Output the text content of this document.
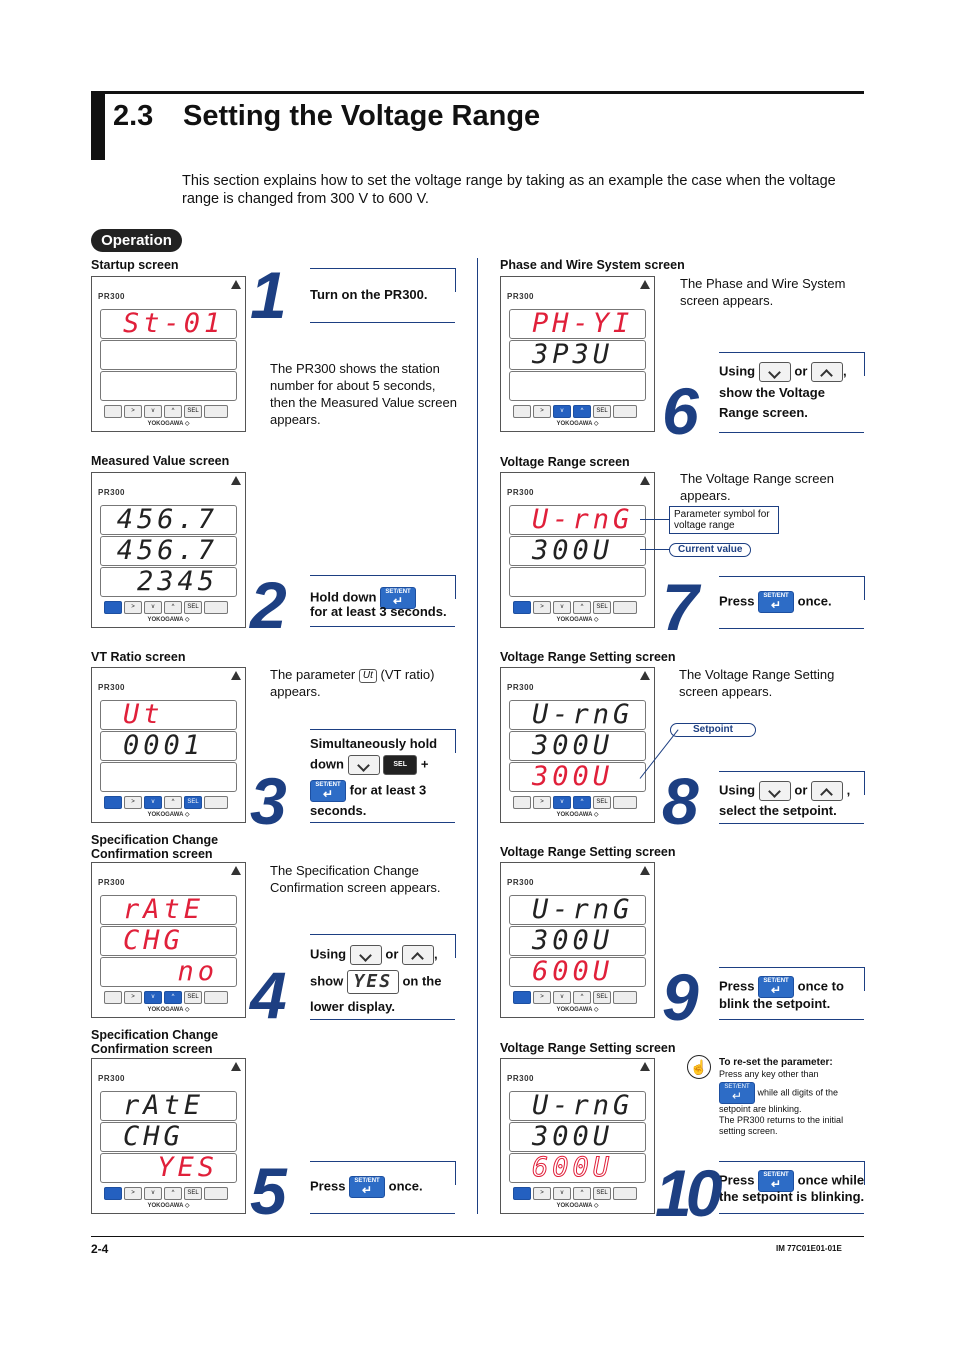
2.3 Setting the Voltage Range
This section explains how to set the voltage range by taking as an example the case when the voltage range is changed from 300 V to 600 V.
Operation
Startup screen
PR300
St-01
>	v	^	SEL
YOKOGAWA ◇
Turn on the PR300.
1
The PR300 shows the station number for about 5 seconds, then the Measured Value screen appears.
Measured Value screen
PR300
456.7
456.7
2345
>	v	^	SEL
YOKOGAWA ◇
Hold down	SET/ENT
↵
for at least 3 seconds.
2
VT Ratio screen
PR300
Ut
0001
>	v	^	SEL
YOKOGAWA ◇
The parameter Ut (VT ratio) appears.
Simultaneously hold
down	SEL +
SET/ENT
↵ for at least 3
seconds.
3
Specification Change Confirmation screen
PR300
rAtE
CHG
no
>	v	^	SEL
YOKOGAWA ◇
The Specification Change Confirmation screen appears.
Using	or	,
show YES on the
lower display.
4
Specification Change Confirmation screen
PR300
rAtE
CHG
YES
>	v	^	SEL
YOKOGAWA ◇
Press	SET/ENT
↵ once.
5
Phase and Wire System screen
PR300
PH-YI
3P3U
>	v	^	SEL
YOKOGAWA ◇
The Phase and Wire System screen appears.
Using	or	,
show the Voltage
Range screen.
6
Voltage Range screen
PR300
U-rnG
300U
>	v	^	SEL
YOKOGAWA ◇
The Voltage Range screen appears.
Parameter symbol for voltage range
Current value
Press	SET/ENT
↵ once.
7
Voltage Range Setting screen
PR300
U-rnG
300U
300U
>	v	^	SEL
YOKOGAWA ◇
The Voltage Range Setting screen appears.
Setpoint
Using	or	,
select the setpoint.
8
Voltage Range Setting screen
PR300
U-rnG
300U
600U
>	v	^	SEL
YOKOGAWA ◇
Press	SET/ENT
↵ once to
blink the setpoint.
9
Voltage Range Setting screen
PR300
U-rnG
300U
600U
>	v	^	SEL
YOKOGAWA ◇
☝	To re-set the parameter:
Press any key other than
SET/ENT
↵ while all digits of the setpoint are blinking.
The PR300 returns to the initial setting screen.
Press	SET/ENT
↵ once while
the setpoint is blinking.
10
2-4	IM 77C01E01-01E
